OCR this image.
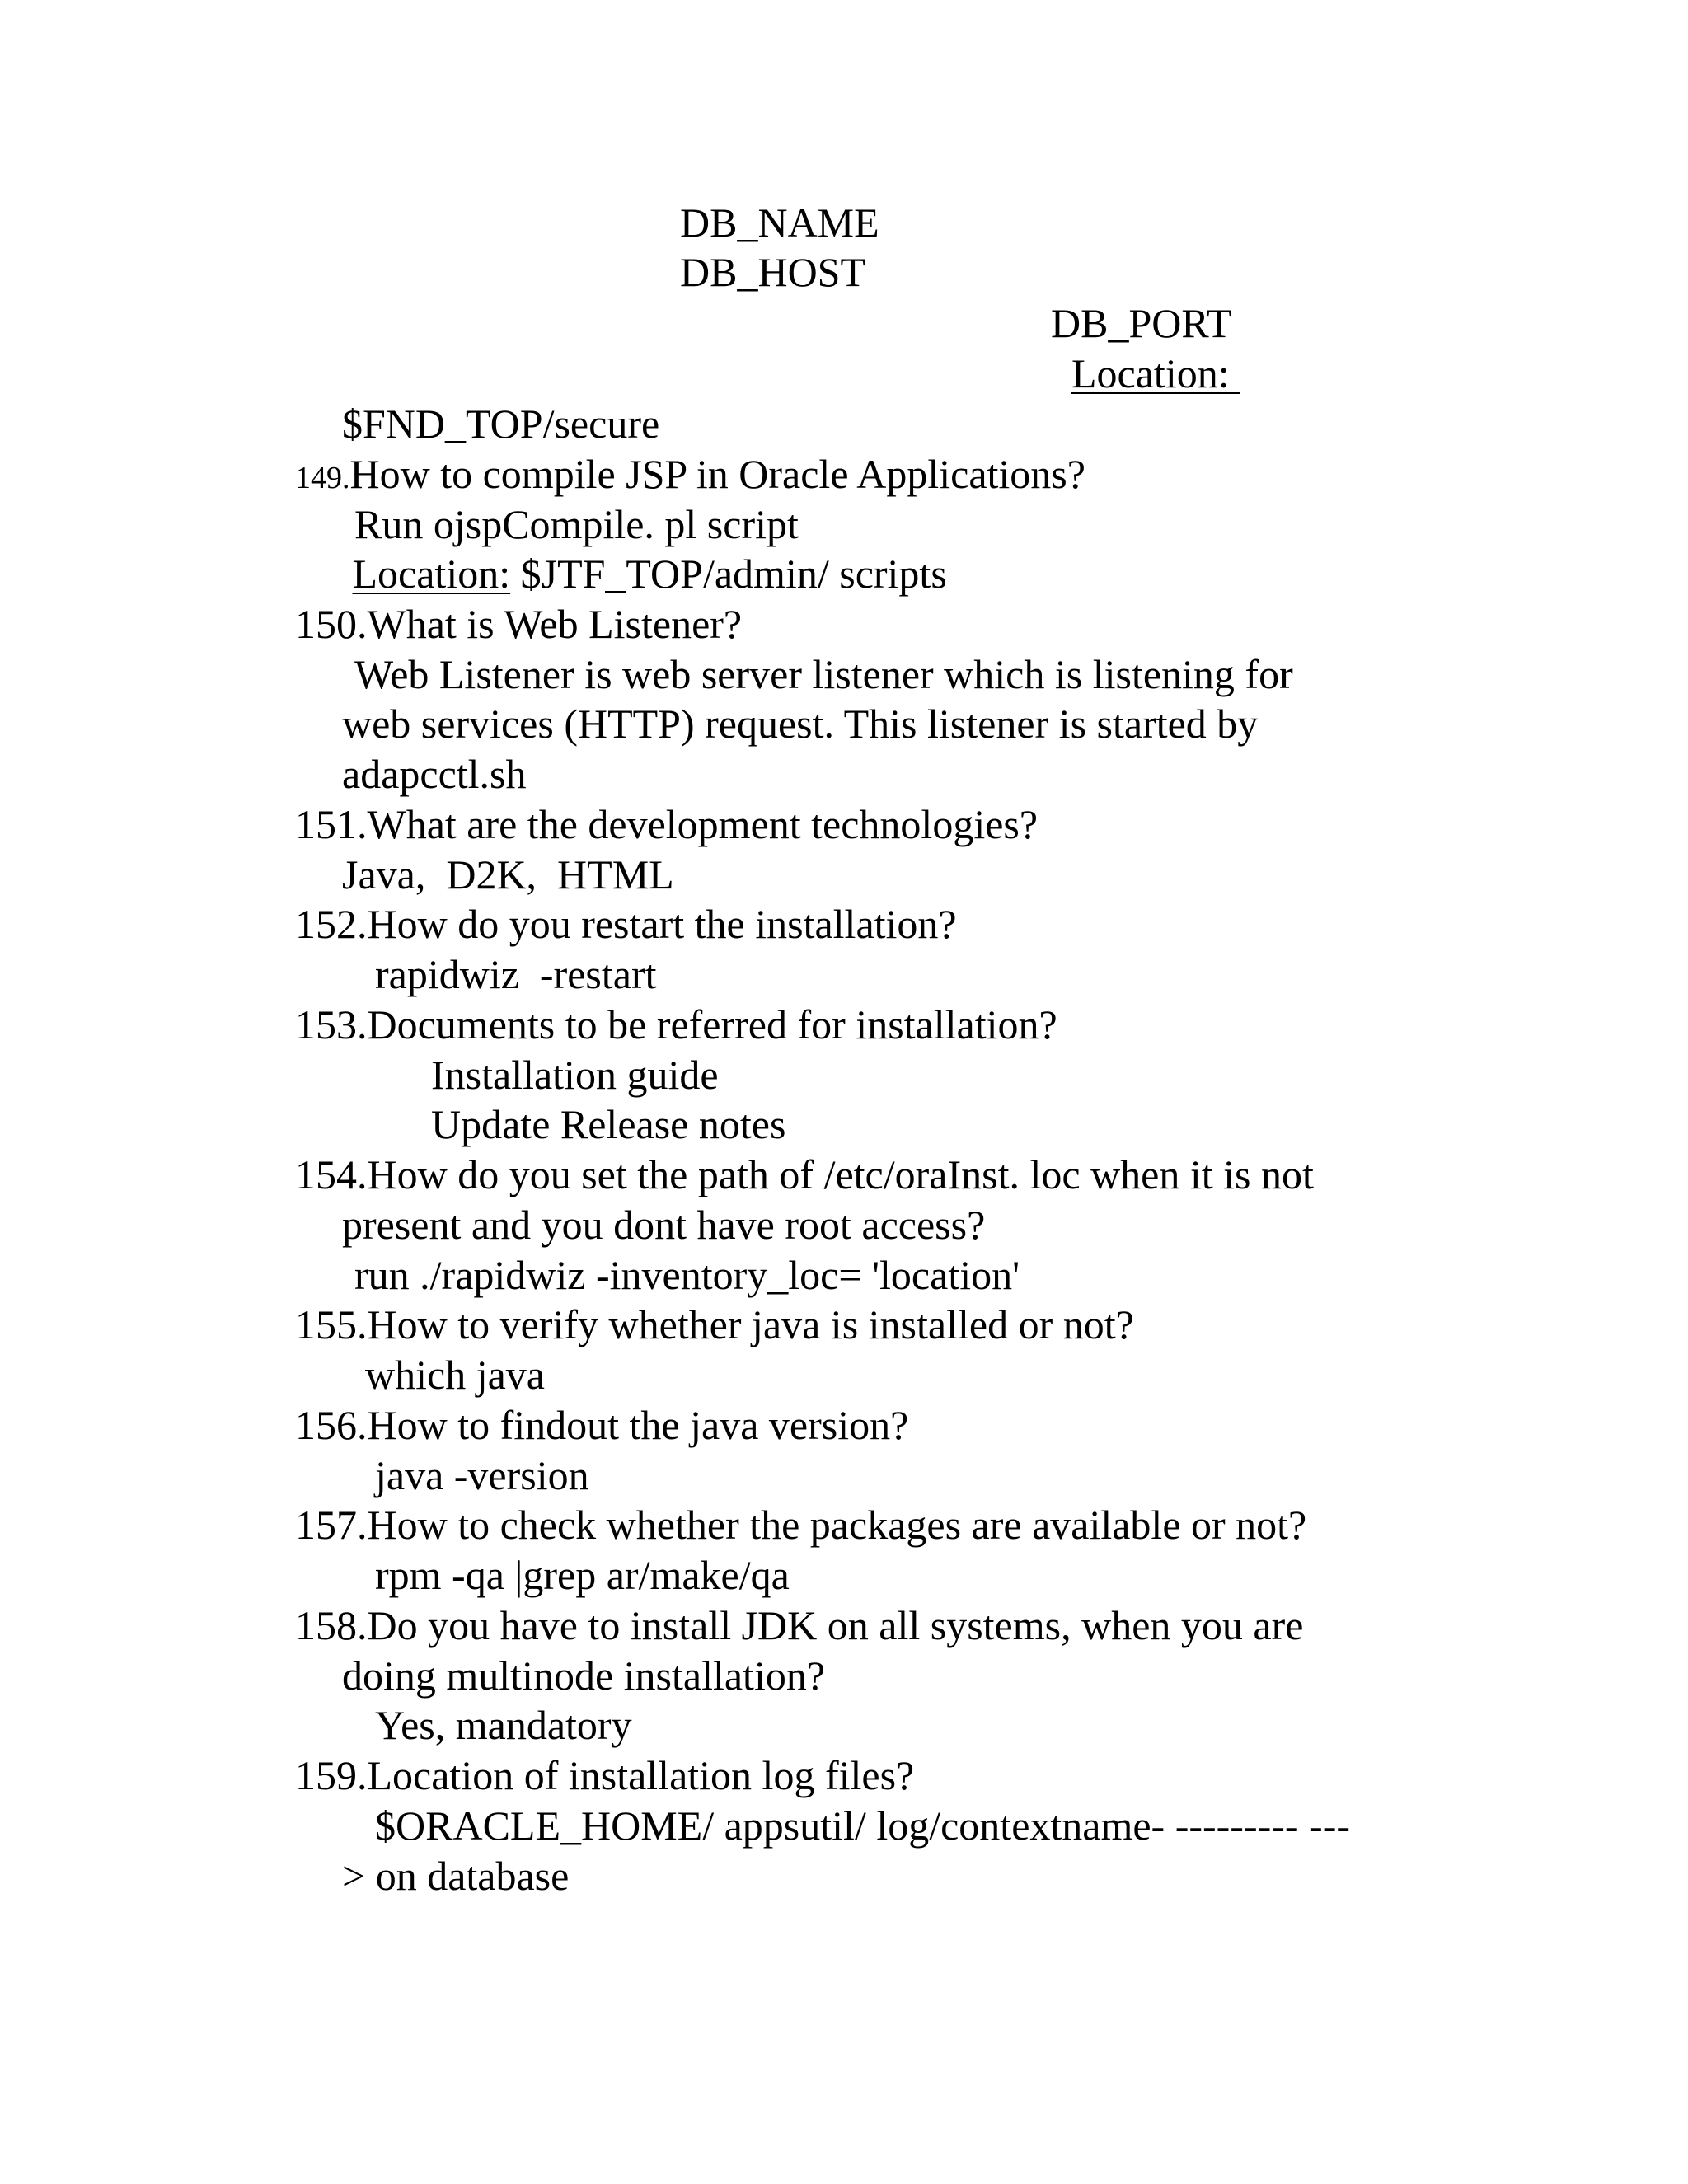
DB_NAME

DB_HOST

DB_PORT

Location:

$FND_TOP/secure

149.How to compile JSP in Oracle Applications?

Run ojspCompile. pl script

Location: $JTF_TOP/admin/ scripts

150.What is Web Listener?

Web Listener is web server listener which is listening for

web services (HTTP) request. This listener is started by

adapcctl.sh

151.What are the development technologies?

Java,  D2K,  HTML

152.How do you restart the installation?

rapidwiz  -restart

153.Documents to be referred for installation?

Installation guide

Update Release notes

154.How do you set the path of /etc/oraInst. loc when it is not

present and you dont have root access?

run ./rapidwiz -inventory_loc= 'location'

155.How to verify whether java is installed or not?

which java

156.How to findout the java version?

java -version

157.How to check whether the packages are available or not?

rpm -qa |grep ar/make/qa

158.Do you have to install JDK on all systems, when you are

doing multinode installation?

Yes, mandatory

159.Location of installation log files?

$ORACLE_HOME/ appsutil/ log/contextname- --------- ---

> on database
